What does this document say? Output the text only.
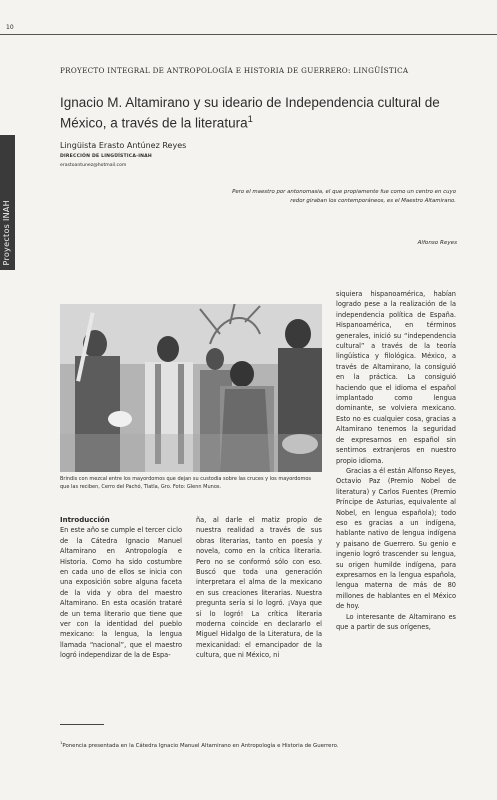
10
Proyectos INAH
PROYECTO INTEGRAL DE ANTROPOLOGÍA E HISTORIA DE GUERRERO: LINGÜÍSTICA
Ignacio M. Altamirano y su ideario de Independencia cultural de México, a través de la literatura$^1$
Lingüista Erasto Antúnez Reyes
DIRECCIÓN DE LINGÜÍSTICA-INAH
erastoantunez@hotmail.com
Pero el maestro por antonomasia, el que propiamente fue como un centro en cuyo redor giraban los contemporáneos, es el Maestro Altamirano.
Alfonso Reyes
Brindis con mezcal entre los mayordomos que dejan su custodia sobre las cruces y los mayordomos que las reciben, Cerro del Pachó, Tlatla, Gro. Foto: Glenn Munos.

Introducción

En este año se cumple el tercer ciclo de la Cátedra Ignacio Manuel Altamirano en Antropología e Historia. Como ha sido costumbre en cada uno de ellos se inicia con una exposición sobre alguna faceta de la vida y obra del maestro Altamirano. En esta ocasión trataré de un tema literario que tiene que ver con la identidad del pueblo mexicano: la lengua, la lengua llamada “nacional”, que el maestro logró independizar de la de Espa-

ña, al darle el matiz propio de nuestra realidad a través de sus obras literarias, tanto en poesía y novela, como en la crítica literaria. Pero no se conformó sólo con eso. Buscó que toda una generación interpretara el alma de la mexicano en sus creaciones literarias. Nuestra pregunta sería si lo logró. ¡Vaya que sí lo logró! La crítica literaria moderna coincide en declararlo el Miguel Hidalgo de la Literatura, de la mexicanidad: el emancipador de la cultura, que ni México, ni

siquiera hispanoamérica, habían logrado pese a la realización de la independencia política de España. Hispanoamérica, en términos generales, inició su “independencia cultural” a través de la teoría lingüística y filológica. México, a través de Altamirano, la consiguió en la práctica. La consiguió haciendo que el idioma el español implantado como lengua dominante, se volviera mexicano. Esto no es cualquier cosa, gracias a Altamirano tenemos la seguridad de expresarnos en español sin sentirnos extranjeros en nuestro propio idioma.

Gracias a él están Alfonso Reyes, Octavio Paz (Premio Nobel de literatura) y Carlos Fuentes (Premio Príncipe de Asturias, equivalente al Nobel, en lengua española); todo eso es gracias a un indígena, hablante nativo de lengua indígena y paisano de Guerrero. Su genio e ingenio logró trascender su lengua, su origen humilde indígena, para expresarnos en la lengua española, lengua materna de más de 80 millones de hablantes en el México de hoy.

Lo interesante de Altamirano es que a partir de sus orígenes,

$^1$Ponencia presentada en la Cátedra Ignacio Manuel Altamirano en Antropología e Historia de Guerrero.
